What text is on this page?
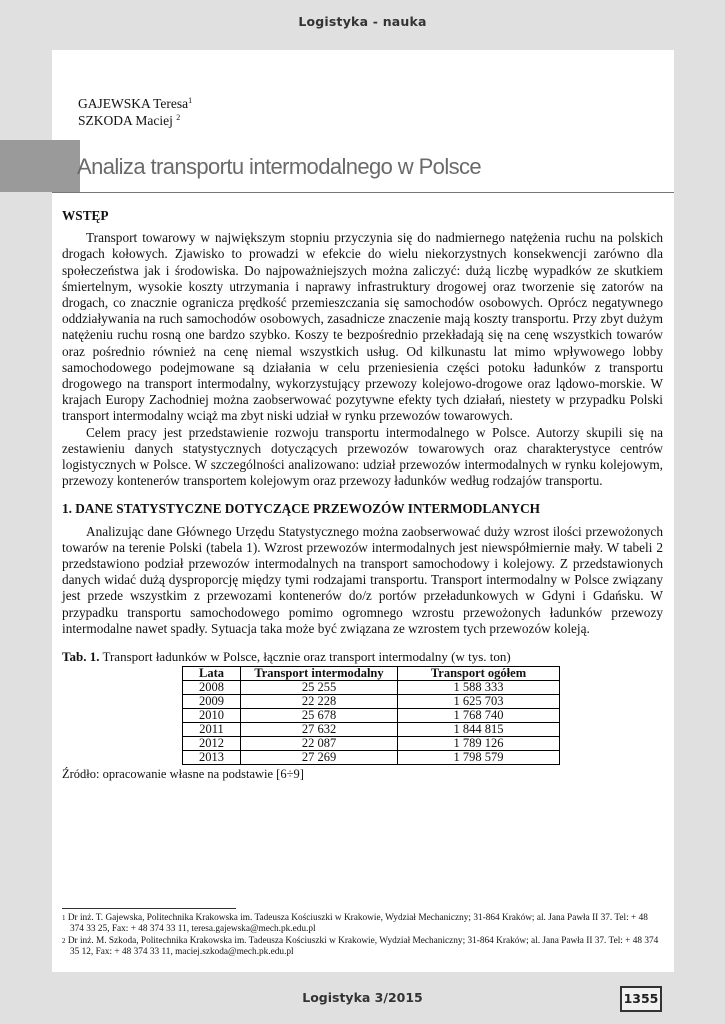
Logistyka - nauka
GAJEWSKA Teresa$^1$
SZKODA Maciej $^2$
Analiza transportu intermodalnego w Polsce
WSTĘP

Transport towarowy w największym stopniu przyczynia się do nadmiernego natężenia ruchu na polskich drogach kołowych. Zjawisko to prowadzi w efekcie do wielu niekorzystnych konsekwencji zarówno dla społeczeństwa jak i środowiska. Do najpoważniejszych można zaliczyć: dużą liczbę wypadków ze skutkiem śmiertelnym, wysokie koszty utrzymania i naprawy infrastruktury drogowej oraz tworzenie się zatorów na drogach, co znacznie ogranicza prędkość przemieszczania się samochodów osobowych. Oprócz negatywnego oddziaływania na ruch samochodów osobowych, zasadnicze znaczenie mają koszty transportu. Przy zbyt dużym natężeniu ruchu rosną one bardzo szybko. Koszy te bezpośrednio przekładają się na cenę wszystkich towarów oraz pośrednio również na cenę niemal wszystkich usług. Od kilkunastu lat mimo wpływowego lobby samochodowego podejmowane są działania w celu przeniesienia części potoku ładunków z transportu drogowego na transport intermodalny, wykorzystujący przewozy kolejowo-drogowe oraz lądowo-morskie. W krajach Europy Zachodniej można zaobserwować pozytywne efekty tych działań, niestety w przypadku Polski transport intermodalny wciąż ma zbyt niski udział w rynku przewozów towarowych.

Celem pracy jest przedstawienie rozwoju transportu intermodalnego w Polsce. Autorzy skupili się na zestawieniu danych statystycznych dotyczących przewozów towarowych oraz charakterystyce centrów logistycznych w Polsce. W szczególności analizowano: udział przewozów intermodalnych w rynku kolejowym, przewozy kontenerów transportem kolejowym oraz przewozy ładunków według rodzajów transportu.

1. DANE STATYSTYCZNE DOTYCZĄCE PRZEWOZÓW INTERMODLANYCH

Analizując dane Głównego Urzędu Statystycznego można zaobserwować duży wzrost ilości przewożonych towarów na terenie Polski (tabela 1). Wzrost przewozów intermodalnych jest niewspółmiernie mały. W tabeli 2 przedstawiono podział przewozów intermodalnych na transport samochodowy i kolejowy. Z przedstawionych danych widać dużą dysproporcję między tymi rodzajami transportu. Transport intermodalny w Polsce związany jest przede wszystkim z przewozami kontenerów do/z portów przeładunkowych w Gdyni i Gdańsku. W przypadku transportu samochodowego pomimo ogromnego wzrostu przewożonych ładunków przewozy intermodalne nawet spadły. Sytuacja taka może być związana ze wzrostem tych przewozów koleją.

Tab. 1. Transport ładunków w Polsce, łącznie oraz transport intermodalny (w tys. ton)
Lata	Transport intermodalny	Transport ogółem
2008	25 255	1 588 333
2009	22 228	1 625 703
2010	25 678	1 768 740
2011	27 632	1 844 815
2012	22 087	1 789 126
2013	27 269	1 798 579
Źródło: opracowanie własne na podstawie [6÷9]
$^1$ Dr inż. T. Gajewska, Politechnika Krakowska im. Tadeusza Kościuszki w Krakowie, Wydział Mechaniczny; 31-864 Kraków; al. Jana Pawła II 37. Tel: + 48 374 33 25, Fax: + 48 374 33 11, teresa.gajewska@mech.pk.edu.pl
$^2$ Dr inż. M. Szkoda, Politechnika Krakowska im. Tadeusza Kościuszki w Krakowie, Wydział Mechaniczny; 31-864 Kraków; al. Jana Pawła II 37. Tel: + 48 374 35 12, Fax: + 48 374 33 11, maciej.szkoda@mech.pk.edu.pl
Logistyka 3/2015	1355
